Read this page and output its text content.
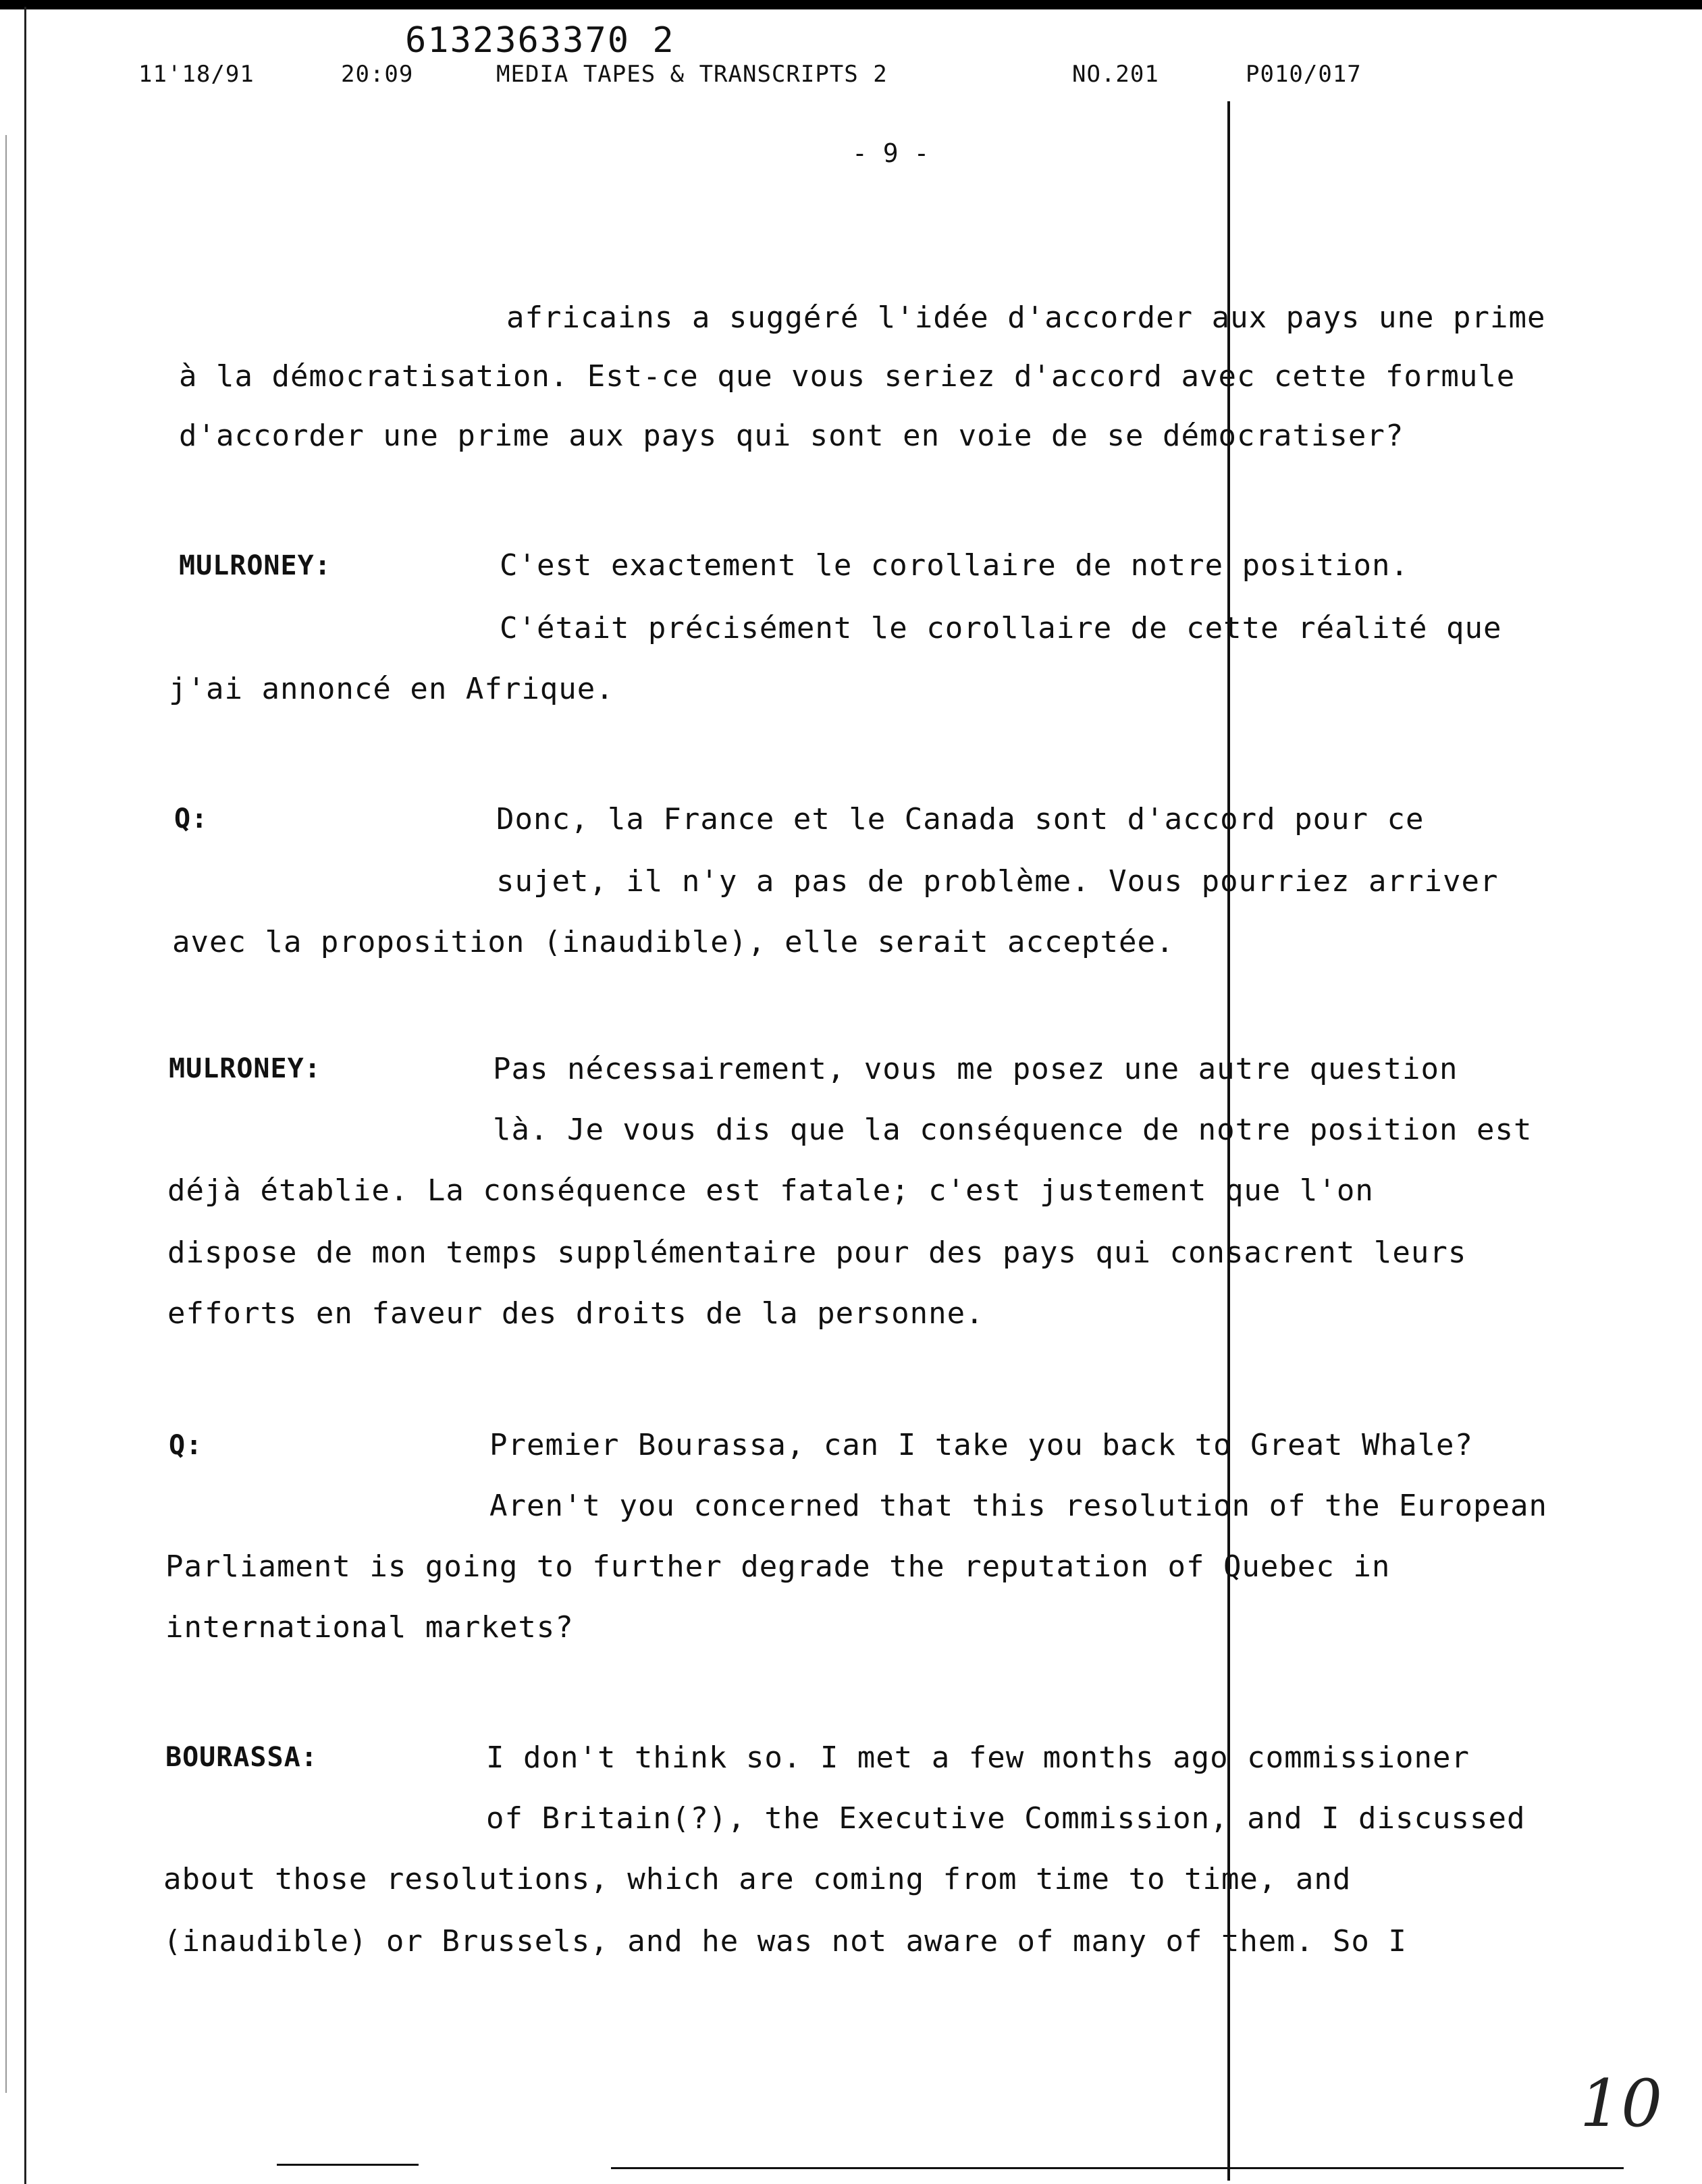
6132363370 2
11'18/91	20:09	MEDIA TAPES & TRANSCRIPTS 2	NO.201	P010/017
- 9 -
africains a suggéré l'idée d'accorder aux pays une prime
à la démocratisation. Est-ce que vous seriez d'accord avec cette formule
d'accorder une prime aux pays qui sont en voie de se démocratiser?
MULRONEY:	C'est exactement le corollaire de notre position.
C'était précisément le corollaire de cette réalité que
j'ai annoncé en Afrique.
Q:	Donc, la France et le Canada sont d'accord pour ce
sujet, il n'y a pas de problème. Vous pourriez arriver
avec la proposition (inaudible), elle serait acceptée.
MULRONEY:	Pas nécessairement, vous me posez une autre question
là. Je vous dis que la conséquence de notre position est
déjà établie. La conséquence est fatale; c'est justement que l'on
dispose de mon temps supplémentaire pour des pays qui consacrent leurs
efforts en faveur des droits de la personne.
Q:	Premier Bourassa, can I take you back to Great Whale?
Aren't you concerned that this resolution of the European
Parliament is going to further degrade the reputation of Quebec in
international markets?
BOURASSA:	I don't think so. I met a few months ago commissioner
of Britain(?), the Executive Commission, and I discussed
about those resolutions, which are coming from time to time, and
(inaudible) or Brussels, and he was not aware of many of them. So I
10
